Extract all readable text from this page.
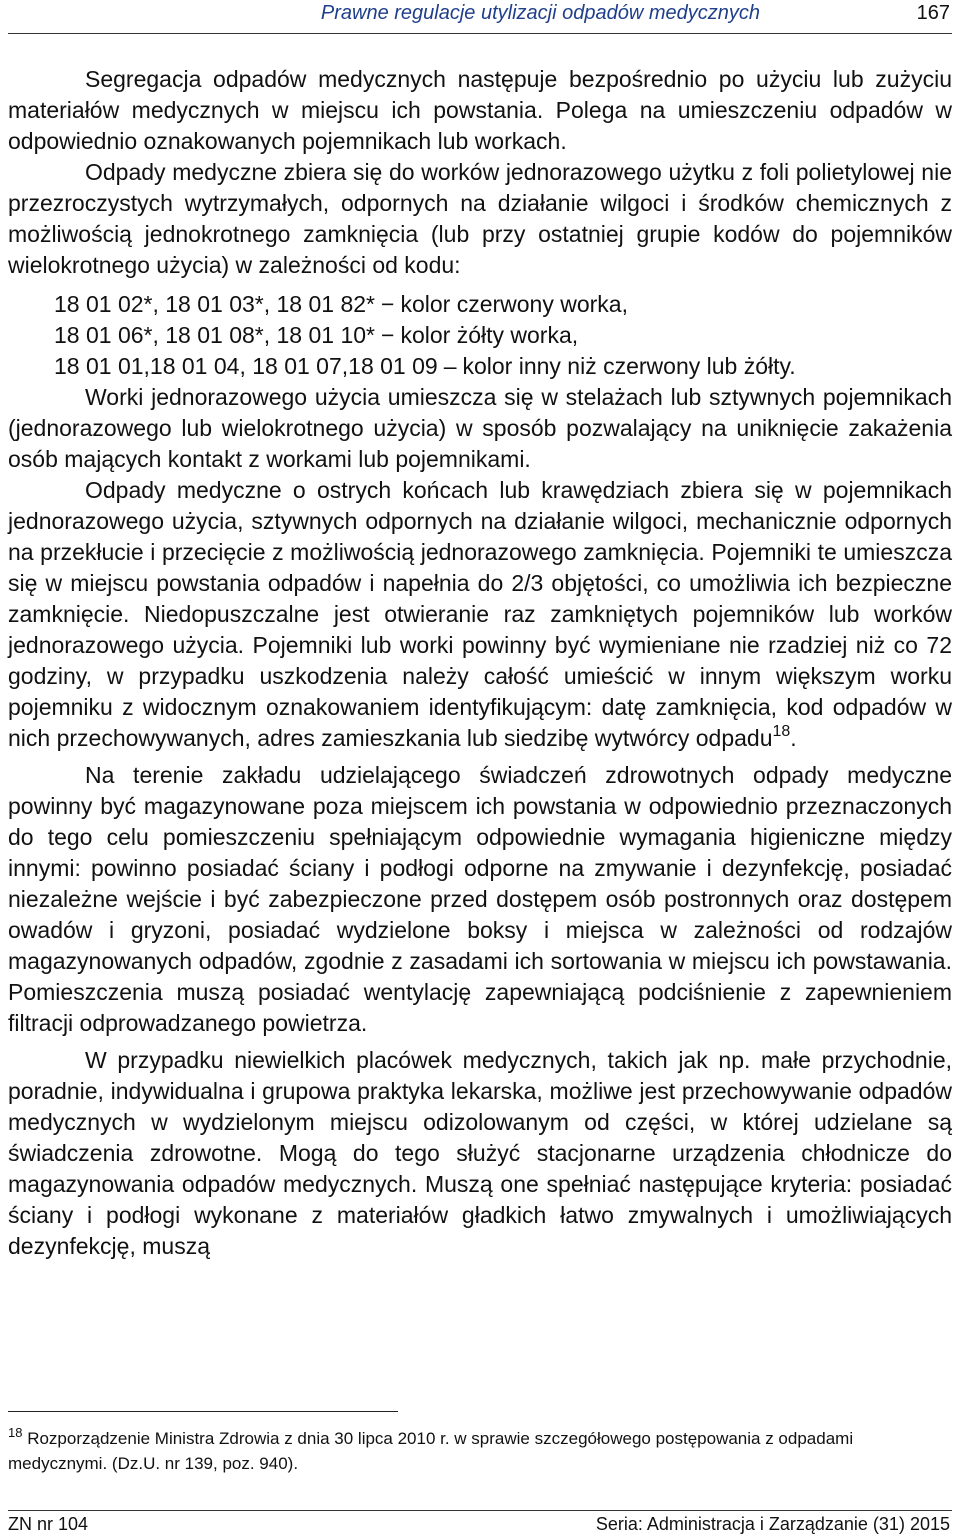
Prawne regulacje utylizacji odpadów medycznych	167

Segregacja odpadów medycznych następuje bezpośrednio po użyciu lub zużyciu materiałów medycznych w miejscu ich powstania. Polega na umieszczeniu odpadów w odpowiednio oznakowanych pojemnikach lub workach.

Odpady medyczne zbiera się do worków jednorazowego użytku z foli polietylowej nie przezroczystych wytrzymałych, odpornych na działanie wilgoci i środków chemicznych z możliwością jednokrotnego zamknięcia (lub przy ostatniej grupie kodów do pojemników wielokrotnego użycia) w zależności od kodu:

18 01 02*, 18 01 03*, 18 01 82* − kolor czerwony worka,
18 01 06*, 18 01 08*, 18 01 10* − kolor żółty worka,
18 01 01,18 01 04, 18 01 07,18 01 09 – kolor inny niż czerwony lub żółty.

Worki jednorazowego użycia umieszcza się w stelażach lub sztywnych pojemnikach (jednorazowego lub wielokrotnego użycia) w sposób pozwalający na uniknięcie zakażenia osób mających kontakt z workami lub pojemnikami.

Odpady medyczne o ostrych końcach lub krawędziach zbiera się w pojemnikach jednorazowego użycia, sztywnych odpornych na działanie wilgoci, mechanicznie odpornych na przekłucie i przecięcie z możliwością jednorazowego zamknięcia. Pojemniki te umieszcza się w miejscu powstania odpadów i napełnia do 2/3 objętości, co umożliwia ich bezpieczne zamknięcie. Niedopuszczalne jest otwieranie raz zamkniętych pojemników lub worków jednorazowego użycia. Pojemniki lub worki powinny być wymieniane nie rzadziej niż co 72 godziny, w przypadku uszkodzenia należy całość umieścić w innym większym worku pojemniku z widocznym oznakowaniem identyfikującym: datę zamknięcia, kod odpadów w nich przechowywanych, adres zamieszkania lub siedzibę wytwórcy odpadu$^{18}$.

Na terenie zakładu udzielającego świadczeń zdrowotnych odpady medyczne powinny być magazynowane poza miejscem ich powstania w odpowiednio przeznaczonych do tego celu pomieszczeniu spełniającym odpowiednie wymagania higieniczne między innymi: powinno posiadać ściany i podłogi odporne na zmywanie i dezynfekcję, posiadać niezależne wejście i być zabezpieczone przed dostępem osób postronnych oraz dostępem owadów i gryzoni, posiadać wydzielone boksy i miejsca w zależności od rodzajów magazynowanych odpadów, zgodnie z zasadami ich sortowania w miejscu ich powstawania. Pomieszczenia muszą posiadać wentylację zapewniającą podciśnienie z zapewnieniem filtracji odprowadzanego powietrza.

W przypadku niewielkich placówek medycznych, takich jak np. małe przychodnie, poradnie, indywidualna i grupowa praktyka lekarska, możliwe jest przechowywanie odpadów medycznych w wydzielonym miejscu odizolowanym od części, w której udzielane są świadczenia zdrowotne. Mogą do tego służyć stacjonarne urządzenia chłodnicze do magazynowania odpadów medycznych. Muszą one spełniać następujące kryteria: posiadać ściany i podłogi wykonane z materiałów gładkich łatwo zmywalnych i umożliwiających dezynfekcję, muszą

$^{18}$ Rozporządzenie Ministra Zdrowia z dnia 30 lipca 2010 r. w sprawie szczegółowego postępowania z odpadami medycznymi. (Dz.U. nr 139, poz. 940).
ZN nr 104	Seria: Administracja i Zarządzanie (31) 2015
